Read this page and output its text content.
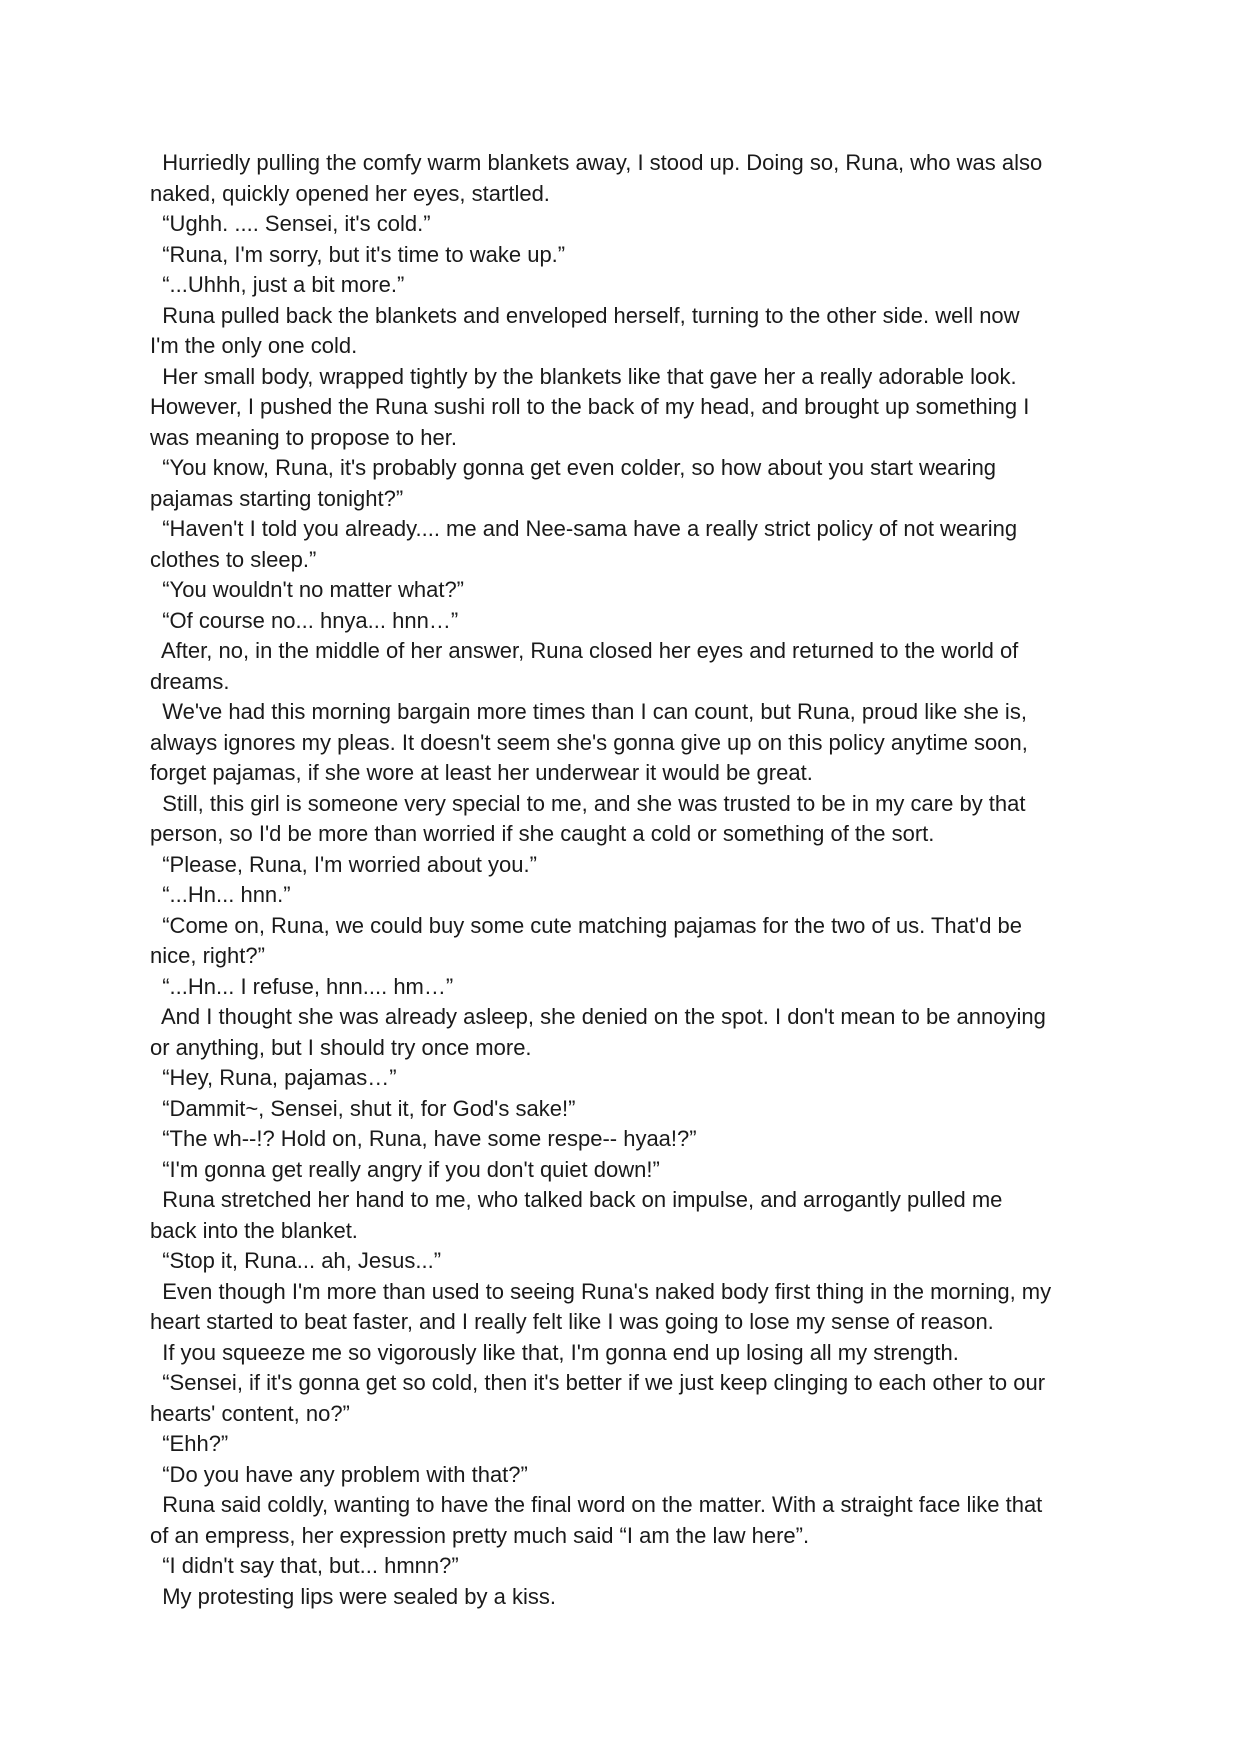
Hurriedly pulling the comfy warm blankets away, I stood up. Doing so, Runa, who was also

naked, quickly opened her eyes, startled.

“Ughh. .... Sensei, it's cold.”

“Runa, I'm sorry, but it's time to wake up.”

“...Uhhh, just a bit more.”

Runa pulled back the blankets and enveloped herself, turning to the other side. well now

I'm the only one cold.

Her small body, wrapped tightly by the blankets like that gave her a really adorable look.

However, I pushed the Runa sushi roll to the back of my head, and brought up something I

was meaning to propose to her.

“You know, Runa, it's probably gonna get even colder, so how about you start wearing

pajamas starting tonight?”

“Haven't I told you already.... me and Nee-sama have a really strict policy of not wearing

clothes to sleep.”

“You wouldn't no matter what?”

“Of course no... hnya... hnn…”

After, no, in the middle of her answer, Runa closed her eyes and returned to the world of

dreams.

We've had this morning bargain more times than I can count, but Runa, proud like she is,

always ignores my pleas. It doesn't seem she's gonna give up on this policy anytime soon,

forget pajamas, if she wore at least her underwear it would be great.

Still, this girl is someone very special to me, and she was trusted to be in my care by that

person, so I'd be more than worried if she caught a cold or something of the sort.

“Please, Runa, I'm worried about you.”

“...Hn... hnn.”

“Come on, Runa, we could buy some cute matching pajamas for the two of us. That'd be

nice, right?”

“...Hn... I refuse, hnn.... hm…”

And I thought she was already asleep, she denied on the spot. I don't mean to be annoying

or anything, but I should try once more.

“Hey, Runa, pajamas…”

“Dammit~, Sensei, shut it, for God's sake!”

“The wh--!? Hold on, Runa, have some respe-- hyaa!?”

“I'm gonna get really angry if you don't quiet down!”

Runa stretched her hand to me, who talked back on impulse, and arrogantly pulled me

back into the blanket.

“Stop it, Runa... ah, Jesus...”

Even though I'm more than used to seeing Runa's naked body first thing in the morning, my

heart started to beat faster, and I really felt like I was going to lose my sense of reason.

If you squeeze me so vigorously like that, I'm gonna end up losing all my strength.

“Sensei, if it's gonna get so cold, then it's better if we just keep clinging to each other to our

hearts' content, no?”

“Ehh?”

“Do you have any problem with that?”

Runa said coldly, wanting to have the final word on the matter. With a straight face like that

of an empress, her expression pretty much said “I am the law here”.

“I didn't say that, but... hmnn?”

My protesting lips were sealed by a kiss.
